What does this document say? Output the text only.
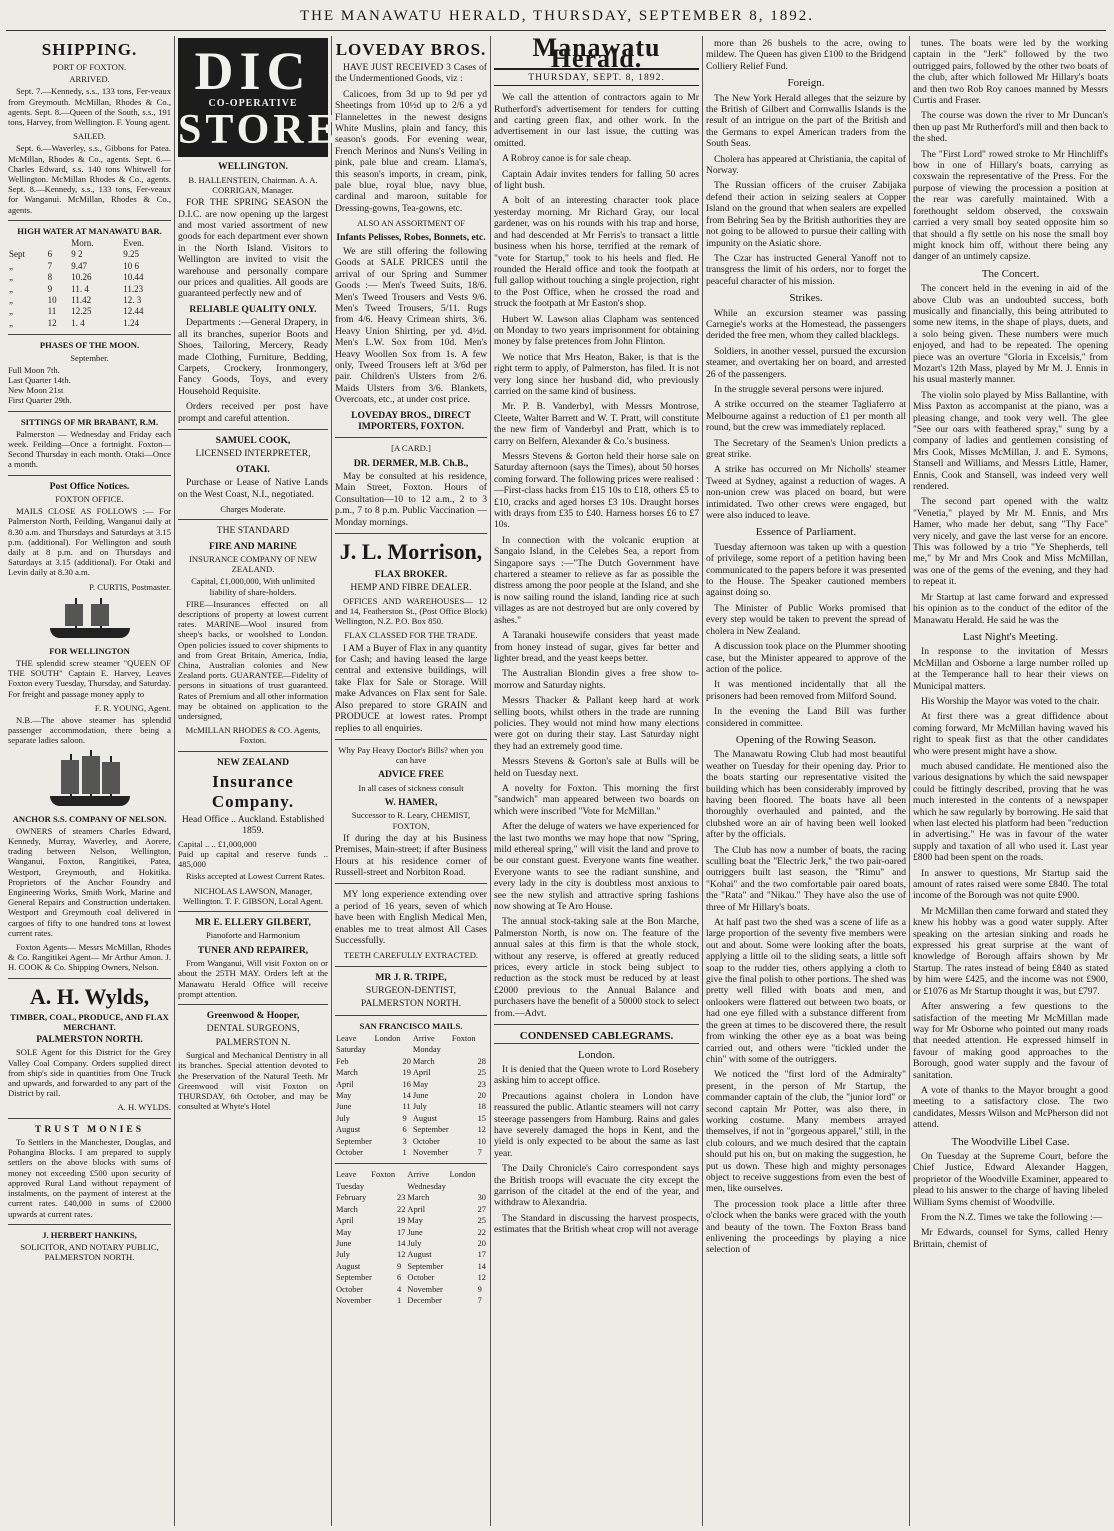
THE MANAWATU HERALD, THURSDAY, SEPTEMBER 8, 1892.
SHIPPING.
PORT OF FOXTON.
ARRIVED.
Sept. 7.—Kennedy, s.s., 133 tons, Fer-veaux from Greymouth. McMillan, Rhodes & Co., agents. Sept. 8.—Queen of the South, s.s., 191 tons, Harvey, from Wellington. F. Young agent.
SAILED.
Sept. 6.—Waverley, s.s., Gibbons for Patea. McMillan, Rhodes & Co., agents. Sept. 6.—Charles Edward, s.s. 140 tons Whitwell for Wellington. McMillan Rhodes & Co., agents. Sept. 8.—Kennedy, s.s., 133 tons, Fer-veaux for Wanganui. McMillan, Rhodes & Co., agents.
HIGH WATER AT MANAWATU BAR.
		Morn.	Even.
Sept	6	9 2	9.25
„	7	9.47	10 6
„	8	10.26	10.44
„	9	11. 4	11.23
„	10	11.42	12. 3
„	11	12.25	12.44
„	12	1. 4	1.24
PHASES OF THE MOON.
September.
Full Moon 7th.
Last Quarter 14th.
New Moon 21st
First Quarter 29th.
SITTINGS OF MR BRABANT, R.M.
Palmerston — Wednesday and Friday each week. Feilding—Once a fortnight. Foxton—Second Thursday in each month. Otaki—Once a month.
Post Office Notices.
FOXTON OFFICE.
MAILS CLOSE AS FOLLOWS :— For Palmerston North, Feilding, Wanganui daily at 8.30 a.m. and Thursdays and Saturdays at 3.15 p.m. (additional). For Wellington and south daily at 8 p.m. and on Thursdays and Saturdays at 3.15 (additional). For Otaki and Levin daily at 8.30 a.m.
P. CURTIS, Postmaster.
FOR WELLINGTON
THE splendid screw steamer "QUEEN OF THE SOUTH" Captain E. Harvey, Leaves Foxton every Tuesday, Thursday, and Saturday. For freight and passage money apply to
F. R. YOUNG, Agent.
N.B.—The above steamer has splendid passenger accommodation, there being a separate ladies saloon.
ANCHOR S.S. COMPANY OF NELSON.
OWNERS of steamers Charles Edward, Kennedy, Murray, Waverley, and Aorere, trading between Nelson, Wellington, Wanganui, Foxton, Rangitikei, Patea, Westport, Greymouth, and Hokitika. Proprietors of the Anchor Foundry and Engineering Works, Smith Work, Marine and General Repairs and Construction undertaken. Westport and Greymouth coal delivered in cargoes of fifty to one hundred tons at lowest current rates.
Foxton Agents— Messrs McMillan, Rhodes & Co. Rangitikei Agent— Mr Arthur Amon. J. H. COOK & Co. Shipping Owners, Nelson.
A. H. Wylds,
TIMBER, COAL, PRODUCE, AND FLAX MERCHANT.
PALMERSTON NORTH.
SOLE Agent for this District for the Grey Valley Coal Company. Orders supplied direct from ship's side in quantities from One Truck and upwards, and forwarded to any part of the District by rail.
A. H. WYLDS.
TRUST MONIES
To Settlers in the Manchester, Douglas, and Pohangina Blocks. I am prepared to supply settlers on the above blocks with sums of money not exceeding £500 upon security of approved Rural Land without repayment of instalments, on the payment of interest at the current rates. £40,000 in sums of £2000 upwards at current rates.
J. HERBERT HANKINS,
SOLICITOR, AND NOTARY PUBLIC, PALMERSTON NORTH.
DIC
CO-OPERATIVE
STORES
WELLINGTON.
B. HALLENSTEIN, Chairman. A. A. CORRIGAN, Manager.
FOR THE SPRING SEASON the D.I.C. are now opening up the largest and most varied assortment of new goods for each department ever shown in the North Island. Visitors to Wellington are invited to visit the warehouse and personally compare our prices and qualities. All goods are guaranteed perfectly new and of
RELIABLE QUALITY ONLY.
Departments :—General Drapery, in all its branches, superior Boots and Shoes, Tailoring, Mercery, Ready made Clothing, Furniture, Bedding, Carpets, Crockery, Ironmongery, Fancy Goods, Toys, and every Household Requisite.
Orders received per post have prompt and careful attention.
SAMUEL COOK,
LICENSED INTERPRETER,
OTAKI.
Purchase or Lease of Native Lands on the West Coast, N.I., negotiated.
Charges Moderate.
THE STANDARD
FIRE AND MARINE
INSURANCE COMPANY OF NEW ZEALAND.
Capital, £1,000,000, With unlimited liability of share-holders.
FIRE—Insurances effected on all descriptions of property at lowest current rates. MARINE—Wool insured from sheep's backs, or woolshed to London. Open policies issued to cover shipments to and from Great Britain, America, India, China, Australian colonies and New Zealand ports. GUARANTEE—Fidelity of persons in situations of trust guaranteed. Rates of Premium and all other information may be obtained on application to the undersigned,
McMILLAN RHODES & CO. Agents, Foxton.
NEW ZEALAND
Insurance Company.
Head Office .. Auckland. Established 1859.
Capital .. .. £1,000,000
Paid up capital and reserve funds .. 485,000
Risks accepted at Lowest Current Rates.
NICHOLAS LAWSON, Manager, Wellington. T. F. GIBSON, Local Agent.
MR E. ELLERY GILBERT,
Pianoforte and Harmonium
TUNER AND REPAIRER,
From Wanganui, Will visit Foxton on or about the 25TH MAY. Orders left at the Manawatu Herald Office will receive prompt attention.
Greenwood & Hooper,
DENTAL SURGEONS,
PALMERSTON N.
Surgical and Mechanical Dentistry in all its branches. Special attention devoted to the Preservation of the Natural Teeth. Mr Greenwood will visit Foxton on THURSDAY, 6th October, and may be consulted at Whyte's Hotel
LOVEDAY BROS.
HAVE JUST RECEIVED 3 Cases of the Undermentioned Goods, viz :
Calicoes, from 3d up to 9d per yd Sheetings from 10½d up to 2/6 a yd Flannelettes in the newest designs White Muslins, plain and fancy, this season's goods. For evening wear, French Merinos and Nuns's Veiling in pink, pale blue and cream. Llama's, this season's imports, in cream, pink, pale blue, royal blue, navy blue, cardinal and maroon, suitable for Dressing-gowns, Tea-gowns, etc.
ALSO AN ASSORTMENT OF
Infants Pelisses, Robes, Bonnets, etc.
We are still offering the following Goods at SALE PRICES until the arrival of our Spring and Summer Goods :— Men's Tweed Suits, 18/6. Men's Tweed Trousers and Vests 9/6. Men's Tweed Trousers, 5/11. Rugs from 4/6. Heavy Crimean shirts, 3/6. Heavy Union Shirting, per yd. 4½d. Men's L.W. Sox from 10d. Men's Heavy Woollen Sox from 1s. A few only, Tweed Trousers left at 3/6d per pair. Children's Ulsters from 2/6. Maids Ulsters from 3/6. Blankets, Overcoats, etc., at under cost price.
LOVEDAY BROS., DIRECT IMPORTERS, FOXTON.
[A CARD.]
DR. DERMER, M.B. Ch.B.,
May be consulted at his residence, Main Street, Foxton. Hours of Consultation—10 to 12 a.m., 2 to 3 p.m., 7 to 8 p.m. Public Vaccination — Monday mornings.
J. L. Morrison,
FLAX BROKER.
HEMP AND FIBRE DEALER.
OFFICES AND WAREHOUSES— 12 and 14, Featherston St., (Post Office Block) Wellington, N.Z. P.O. Box 850.
FLAX CLASSED FOR THE TRADE.
I AM a Buyer of Flax in any quantity for Cash; and having leased the large central and extensive buildings, will take Flax for Sale or Storage. Will make Advances on Flax sent for Sale. Also prepared to store GRAIN and PRODUCE at lowest rates. Prompt replies to all enquiries.
Why Pay Heavy Doctor's Bills? when you can have
ADVICE FREE
In all cases of sickness consult
W. HAMER,
Successor to R. Leary, CHEMIST, FOXTON,
If during the day at his Business Premises, Main-street; if after Business Hours at his residence corner of Russell-street and Norbiton Road.
MY long experience extending over a period of 16 years, seven of which have been with English Medical Men, enables me to treat almost All Cases Successfully.
TEETH CAREFULLY EXTRACTED.
MR J. R. TRIPE,
SURGEON-DENTIST,
PALMERSTON NORTH.
SAN FRANCISCO MAILS.
Leave London Saturday		Arrive Foxton Monday	
Feb	20	March	28
March	19	April	25
April	16	May	23
May	14	June	20
June	11	July	18
July	9	August	15
August	6	September	12
September	3	October	10
October	1	November	7
Leave Foxton Tuesday		Arrive London Wednesday	
February	23	March	30
March	22	April	27
April	19	May	25
May	17	June	22
June	14	July	20
July	12	August	17
August	9	September	14
September	6	October	12
October	4	November	9
November	1	December	7
Manawatu Herald.
THURSDAY, SEPT. 8, 1892.
We call the attention of contractors again to Mr Rutherford's advertisement for tenders for cutting and carting green flax, and other work. In the advertisement in our last issue, the cutting was omitted.
A Robroy canoe is for sale cheap.
Captain Adair invites tenders for falling 50 acres of light bush.
A bolt of an interesting character took place yesterday morning. Mr Richard Gray, our local gardener, was on his rounds with his trap and horse, and had descended at Mr Ferris's to transact a little business when his horse, terrified at the remark of "vote for Startup," took to his heels and fled. He rounded the Herald office and took the footpath at full gallop without touching a single projection, right to the Post Office, when he crossed the road and struck the footpath at Mr Easton's shop.
Hubert W. Lawson alias Clapham was sentenced on Monday to two years imprisonment for obtaining money by false pretences from John Flinton.
We notice that Mrs Heaton, Baker, is that is the right term to apply, of Palmerston, has filed. It is not very long since her husband did, who previously carried on the same kind of business.
Mr. P. B. Vanderbyl, with Messrs Montrose, Cleete, Walter Barrett and W. T. Pratt, will constitute the new firm of Vanderbyl and Pratt, which is to carry on Belfern, Alexander & Co.'s business.
Messrs Stevens & Gorton held their horse sale on Saturday afternoon (says the Times), about 50 horses coming forward. The following prices were realised :—First-class hacks from £15 10s to £18, others £5 to £10, cracks and aged horses £3 10s. Draught horses with drays from £35 to £40. Harness horses £6 to £7 10s.
In connection with the volcanic eruption at Sangaio Island, in the Celebes Sea, a report from Singapore says :—"The Dutch Government have chartered a steamer to relieve as far as possible the distress among the poor people at the Island, and she is now sailing round the island, landing rice at such villages as are not destroyed but are only covered by ashes."
A Taranaki housewife considers that yeast made from honey instead of sugar, gives far better and lighter bread, and the yeast keeps better.
The Australian Blondin gives a free show to-morrow and Saturday nights.
Messrs Thacker & Pallant keep hard at work selling boots, whilst others in the trade are running policies. They would not mind how many elections were got on during their stay. Last Saturday night they had an extremely good time.
Messrs Stevens & Gorton's sale at Bulls will be held on Tuesday next.
A novelty for Foxton. This morning the first "sandwich" man appeared between two boards on which were inscribed "Vote for McMillan."
After the deluge of waters we have experienced for the last two months we may hope that now "Spring, mild ethereal spring," will visit the land and prove to be our constant guest. Everyone wants fine weather. Everyone wants to see the radiant sunshine, and every lady in the city is doubtless most anxious to see the new stylish and attractive spring fashions now showing at Te Aro House.
The annual stock-taking sale at the Bon Marche, Palmerston North, is now on. The feature of the annual sales at this firm is that the whole stock, without any reserve, is offered at greatly reduced prices, every article in stock being subject to reduction as the stock must be reduced by at least £2000 previous to the Annual Balance and purchasers have the benefit of a 50000 stock to select from.—Advt.
CONDENSED CABLEGRAMS.
London.
It is denied that the Queen wrote to Lord Rosebery asking him to accept office.
Precautions against cholera in London have reassured the public. Atlantic steamers will not carry steerage passengers from Hamburg. Rains and gales have severely damaged the hops in Kent, and the yield is only expected to be about the same as last year.
The Daily Chronicle's Cairo correspondent says the British troops will evacuate the city except the garrison of the citadel at the end of the year, and withdraw to Alexandria.
The Standard in discussing the harvest prospects, estimates that the British wheat crop will not average
more than 26 bushels to the acre, owing to mildew. The Queen has given £100 to the Bridgend Colliery Relief Fund.
Foreign.
The New York Herald alleges that the seizure by the British of Gilbert and Cornwallis Islands is the result of an intrigue on the part of the British and the Germans to expel American traders from the South Seas.
Cholera has appeared at Christiania, the capital of Norway.
The Russian officers of the cruiser Zabijaka defend their action in seizing sealers at Copper Island on the ground that when sealers are expelled from Behring Sea by the British authorities they are not going to be allowed to pursue their calling with impunity on the Asiatic shore.
The Czar has instructed General Yanoff not to transgress the limit of his orders, nor to forget the peaceful character of his mission.
Strikes.
While an excursion steamer was passing Carnegie's works at the Homestead, the passengers derided the free men, whom they called blacklegs.
Soldiers, in another vessel, pursued the excursion steamer, and overtaking her on board, and arrested 26 of the passengers.
In the struggle several persons were injured.
A strike occurred on the steamer Tagliaferro at Melbourne against a reduction of £1 per month all round, but the crew was immediately replaced.
The Secretary of the Seamen's Union predicts a great strike.
A strike has occurred on Mr Nicholls' steamer Tweed at Sydney, against a reduction of wages. A non-union crew was placed on board, but were intimidated. Two other crews were engaged, but were also induced to leave.
Essence of Parliament.
Tuesday afternoon was taken up with a question of privilege, some report of a petition having been communicated to the papers before it was presented to the House. The Speaker cautioned members against doing so.
The Minister of Public Works promised that every step would be taken to prevent the spread of cholera in New Zealand.
A discussion took place on the Plummer shooting case, but the Minister appeared to approve of the action of the police.
It was mentioned incidentally that all the prisoners had been removed from Milford Sound.
In the evening the Land Bill was further considered in committee.
Opening of the Rowing Season.
The Manawatu Rowing Club had most beautiful weather on Tuesday for their opening day. Prior to the boats starting our representative visited the building which has been considerably improved by having been floored. The boats have all been thoroughly overhauled and painted, and the clubshed wore an air of having been well looked after by the officials.
The Club has now a number of boats, the racing sculling boat the "Electric Jerk," the two pair-oared outriggers built last season, the "Rimu" and "Kohai" and the two comfortable pair oared boats, the "Rata" and "Nikau." They have also the use of three of Mr Hillary's boats.
At half past two the shed was a scene of life as a large proportion of the seventy five members were out and about. Some were looking after the boats, applying a little oil to the sliding seats, a little soft soap to the rudder ties, others applying a cloth to give the final polish to other portions. The shed was pretty well filled with boats and men, and onlookers were flattered out between two boats, or had one eye filled with a substance different from the green at times to be discovered there, the result from winking the other eye as a boat was being carried out, and others were "tickled under the chin" with some of the outriggers.
We noticed the "first lord of the Admiralty" present, in the person of Mr Startup, the commander captain of the club, the "junior lord" or second captain Mr Potter, was also there, in working costume. Many members arrayed themselves, if not in "gorgeous apparel," still, in the club colours, and we much desired that the captain should put his on, but on making the suggestion, he put us down. These high and mighty personages object to receive suggestions from even the best of men, like ourselves.
The procession took place a little after three o'clock when the banks were graced with the youth and beauty of the town. The Foxton Brass band enlivening the proceedings by playing a nice selection of
tunes. The boats were led by the working captain in the "Jerk" followed by the two outrigged pairs, followed by the other two boats of the club, after which followed Mr Hillary's boats and then two Rob Roy canoes manned by Messrs Curtis and Fraser.
The course was down the river to Mr Duncan's then up past Mr Rutherford's mill and then back to the shed.
The "First Lord" rowed stroke to Mr Hinchliff's bow in one of Hillary's boats, carrying as coxswain the representative of the Press. For the purpose of viewing the procession a position at the rear was carefully maintained. With a forethought seldom observed, the coxswain carried a very small boy seated opposite him so that should a fly settle on his nose the small boy might knock him off, without there being any danger of an untimely capsize.
The Concert.
The concert held in the evening in aid of the above Club was an undoubted success, both musically and financially, this being attributed to some new items, in the shape of plays, duets, and a solo being given. These numbers were much enjoyed, and had to be repeated. The opening piece was an overture "Gloria in Excelsis," from Mozart's 12th Mass, played by Mr M. J. Ennis in his usual masterly manner.
The violin solo played by Miss Ballantine, with Miss Paxton as accompanist at the piano, was a pleasing change, and took very well. The glee "See our oars with feathered spray," sung by a company of ladies and gentlemen consisting of Mrs Cook, Misses McMillan, J. and E. Symons, Stansell and Williams, and Messrs Little, Hamer, Ennis, Cook and Stansell, was indeed very well rendered.
The second part opened with the waltz "Venetia," played by Mr M. Ennis, and Mrs Hamer, who made her debut, sang "Thy Face" very nicely, and gave the last verse for an encore. This was followed by a trio "Ye Shepherds, tell me," by Mr and Mrs Cook and Miss McMillan, was one of the gems of the evening, and they had to repeat it.
Mr Startup at last came forward and expressed his opinion as to the conduct of the editor of the Manawatu Herald. He said he was the
Last Night's Meeting.
In response to the invitation of Messrs McMillan and Osborne a large number rolled up at the Temperance hall to hear their views on Municipal matters.
His Worship the Mayor was voted to the chair.
At first there was a great diffidence about coming forward, Mr McMillan having waved his right to speak first as that the other candidates who were present might have a show.
much abused candidate. He mentioned also the various designations by which the said newspaper could be fittingly described, proving that he was much interested in the contents of a newspaper which he saw regularly by borrowing. He said that when last elected his platform had been "reduction in advertising." He was in favour of the water supply and taxation of all who used it. Last year £800 had been spent on the roads.
In answer to questions, Mr Startup said the amount of rates raised were some £840. The total income of the Borough was not quite £900.
Mr McMillan then came forward and stated they knew his hobby was a good water supply. After speaking on the artesian sinking and roads he expressed his great surprise at the want of knowledge of Borough affairs shown by Mr Startup. The rates instead of being £840 as stated by him were £425, and the income was not £900, or £1076 as Mr Startup thought it was, but £797.
After answering a few questions to the satisfaction of the meeting Mr McMillan made way for Mr Osborne who pointed out many roads that needed attention. He expressed himself in favour of making good approaches to the Borough, good water supply and the favour of sanitation.
A vote of thanks to the Mayor brought a good meeting to a satisfactory close. The two candidates, Messrs Wilson and McPherson did not attend.
The Woodville Libel Case.
On Tuesday at the Supreme Court, before the Chief Justice, Edward Alexander Haggen, proprietor of the Woodville Examiner, appeared to plead to his answer to the charge of having libeled William Syms chemist of Woodville.
From the N.Z. Times we take the following :—
Mr Edwards, counsel for Syms, called Henry Brittain, chemist of
